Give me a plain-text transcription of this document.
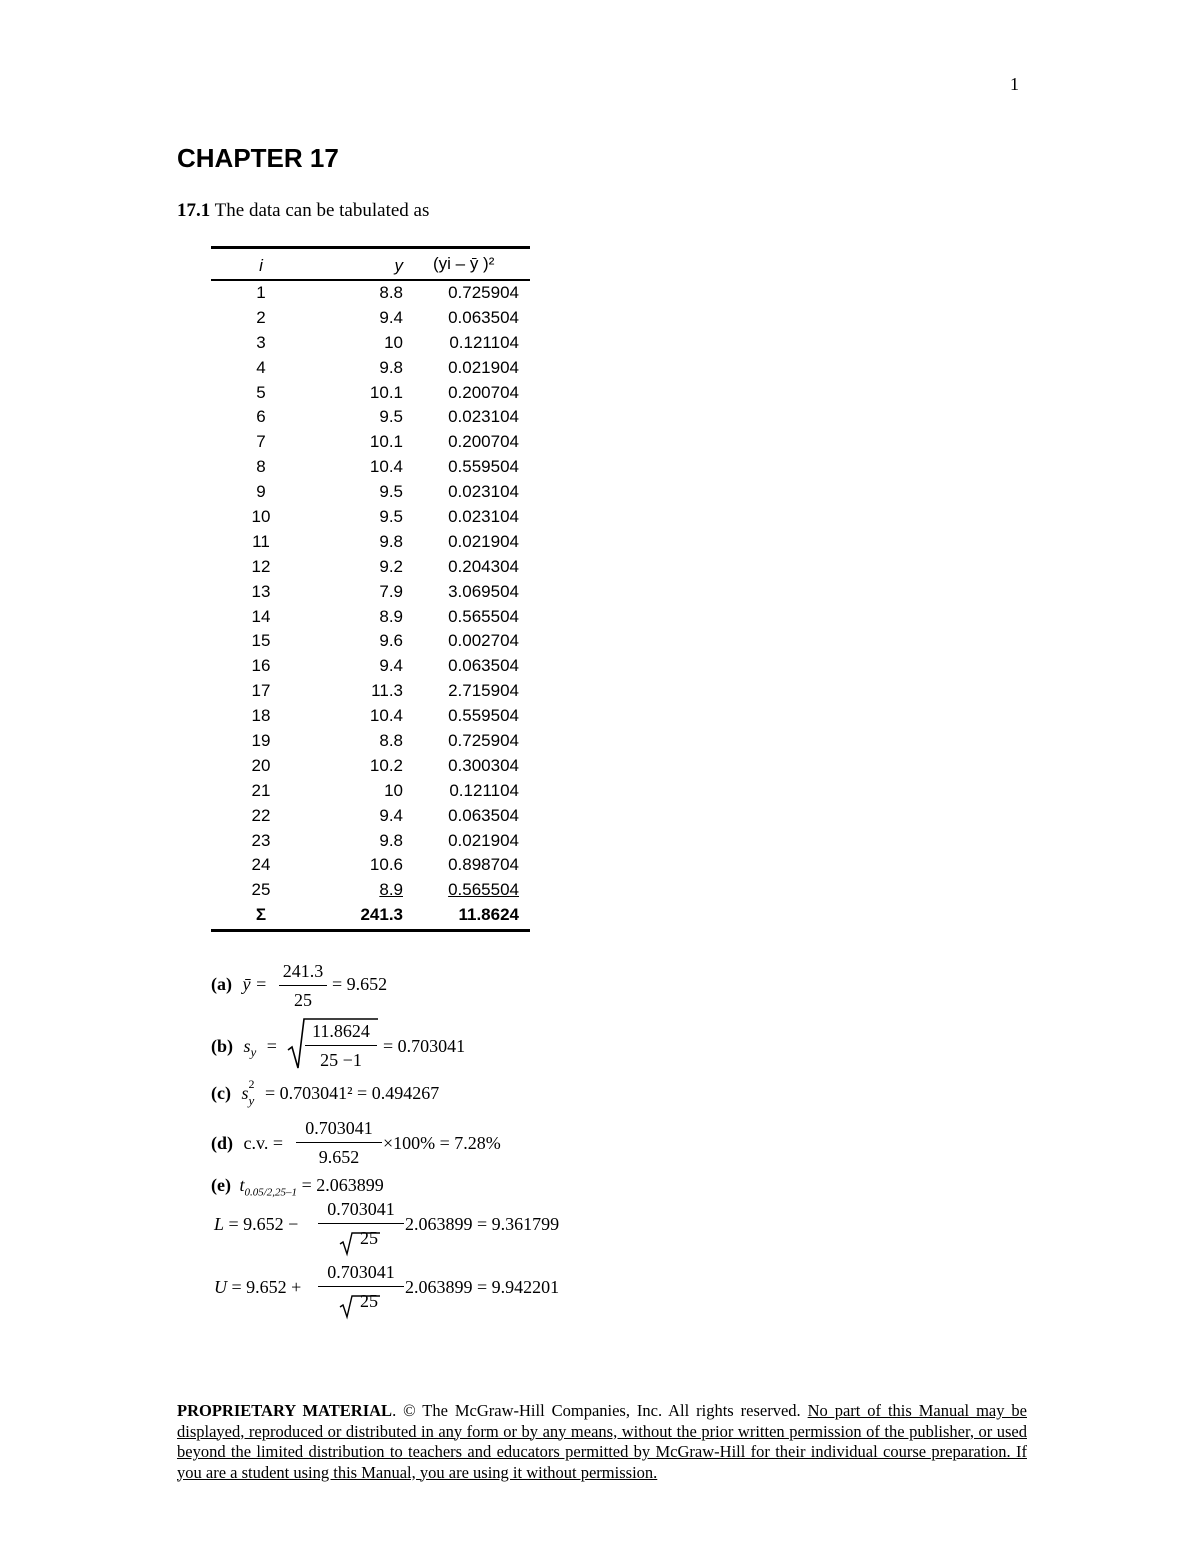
1
CHAPTER 17
17.1 The data can be tabulated as
i	y (yi – ȳ )²
1	8.8	0.725904
2	9.4	0.063504
3	10	0.121104
4	9.8	0.021904
5	10.1	0.200704
6	9.5	0.023104
7	10.1	0.200704
8	10.4	0.559504
9	9.5	0.023104
10	9.5	0.023104
11	9.8	0.021904
12	9.2	0.204304
13	7.9	3.069504
14	8.9	0.565504
15	9.6	0.002704
16	9.4	0.063504
17	11.3	2.715904
18	10.4	0.559504
19	8.8	0.725904
20	10.2	0.300304
21	10	0.121104
22	9.4	0.063504
23	9.8	0.021904
24	10.6	0.898704
25	8.9	0.565504
Σ	241.3	11.8624
(a) ȳ =
241.3
25
= 9.652
(b) $s_y$ =
11.8624
25 −1
= 0.703041
(c) s 2
y = 0.703041² = 0.494267
(d) c.v. =
0.703041
9.652
×100% = 7.28%
(e) $t_{0.05/2,25-1} = 2.063899$
L = 9.652 −
0.703041
25
2.063899 = 9.361799
U = 9.652 +
0.703041
25
2.063899 = 9.942201
PROPRIETARY MATERIAL. © The McGraw-Hill Companies, Inc. All rights reserved. No part of this Manual may be displayed, reproduced or distributed in any form or by any means, without the prior written permission of the publisher, or used beyond the limited distribution to teachers and educators permitted by McGraw-Hill for their individual course preparation. If you are a student using this Manual, you are using it without permission.
